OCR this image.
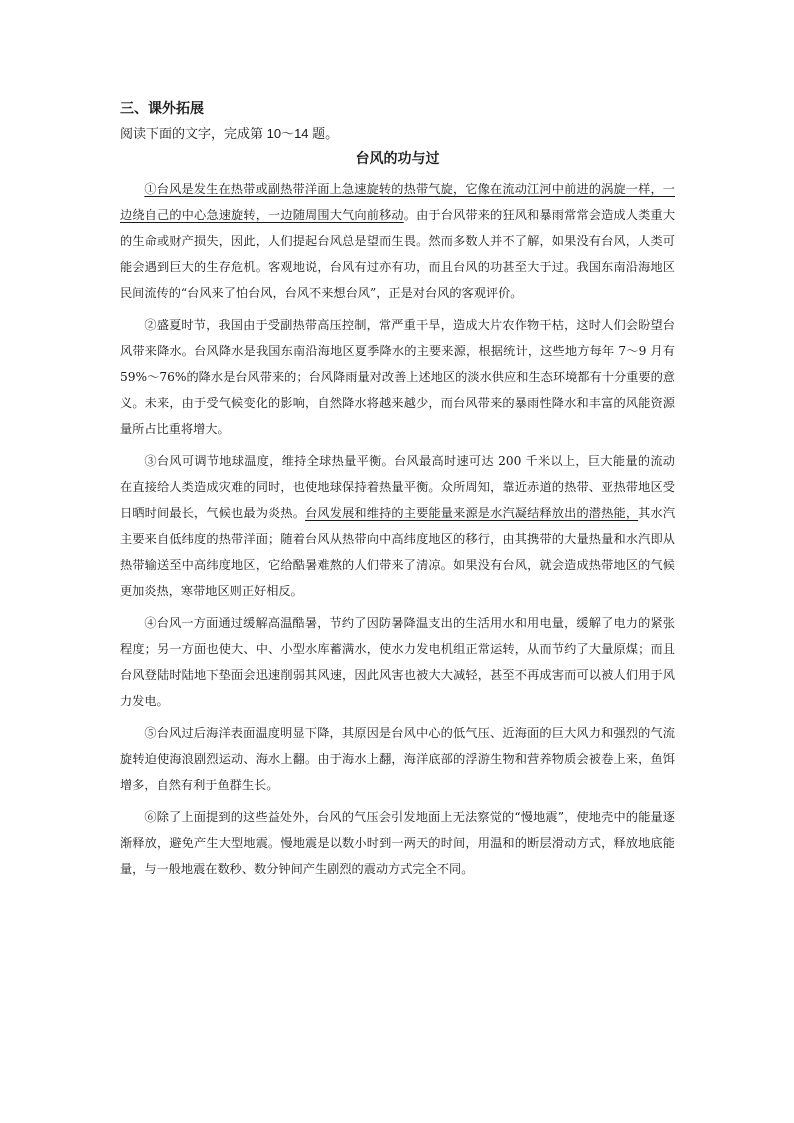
三、课外拓展
阅读下面的文字，完成第 10～14 题。
台风的功与过

①台风是发生在热带或副热带洋面上急速旋转的热带气旋，它像在流动江河中前进的涡旋一样，一边绕自己的中心急速旋转，一边随周围大气向前移动。由于台风带来的狂风和暴雨常常会造成人类重大的生命或财产损失，因此，人们提起台风总是望而生畏。然而多数人并不了解，如果没有台风，人类可能会遇到巨大的生存危机。客观地说，台风有过亦有功，而且台风的功甚至大于过。我国东南沿海地区民间流传的“台风来了怕台风，台风不来想台风”，正是对台风的客观评价。

②盛夏时节，我国由于受副热带高压控制，常严重干旱，造成大片农作物干枯，这时人们会盼望台风带来降水。台风降水是我国东南沿海地区夏季降水的主要来源，根据统计，这些地方每年 7～9 月有 59%～76%的降水是台风带来的；台风降雨量对改善上述地区的淡水供应和生态环境都有十分重要的意义。未来，由于受气候变化的影响，自然降水将越来越少，而台风带来的暴雨性降水和丰富的风能资源量所占比重将增大。

③台风可调节地球温度，维持全球热量平衡。台风最高时速可达 200 千米以上，巨大能量的流动在直接给人类造成灾难的同时，也使地球保持着热量平衡。众所周知，靠近赤道的热带、亚热带地区受日晒时间最长，气候也最为炎热。台风发展和维持的主要能量来源是水汽凝结释放出的潜热能，其水汽主要来自低纬度的热带洋面；随着台风从热带向中高纬度地区的移行，由其携带的大量热量和水汽即从热带输送至中高纬度地区，它给酷暑难熬的人们带来了清凉。如果没有台风，就会造成热带地区的气候更加炎热，寒带地区则正好相反。

④台风一方面通过缓解高温酷暑，节约了因防暑降温支出的生活用水和用电量，缓解了电力的紧张程度；另一方面也使大、中、小型水库蓄满水，使水力发电机组正常运转，从而节约了大量原煤；而且台风登陆时陆地下垫面会迅速削弱其风速，因此风害也被大大减轻，甚至不再成害而可以被人们用于风力发电。

⑤台风过后海洋表面温度明显下降，其原因是台风中心的低气压、近海面的巨大风力和强烈的气流旋转迫使海浪剧烈运动、海水上翻。由于海水上翻，海洋底部的浮游生物和营养物质会被卷上来，鱼饵增多，自然有利于鱼群生长。

⑥除了上面提到的这些益处外，台风的气压会引发地面上无法察觉的“慢地震”，使地壳中的能量逐渐释放，避免产生大型地震。慢地震是以数小时到一两天的时间，用温和的断层滑动方式，释放地底能量，与一般地震在数秒、数分钟间产生剧烈的震动方式完全不同。
